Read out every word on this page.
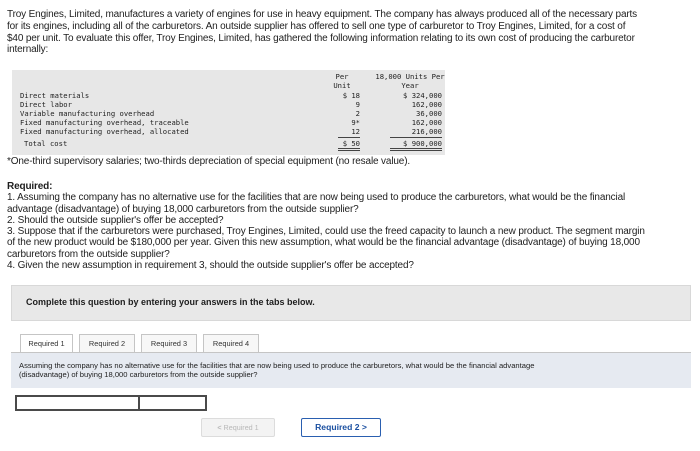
Troy Engines, Limited, manufactures a variety of engines for use in heavy equipment. The company has always produced all of the necessary parts for its engines, including all of the carburetors. An outside supplier has offered to sell one type of carburetor to Troy Engines, Limited, for a cost of $40 per unit. To evaluate this offer, Troy Engines, Limited, has gathered the following information relating to its own cost of producing the carburetor internally:
Per
Unit
18,000 Units Per
Year
Direct materials	$ 18	$ 324,000
Direct labor	9	162,000
Variable manufacturing overhead	2	36,000
Fixed manufacturing overhead, traceable	9*	162,000
Fixed manufacturing overhead, allocated	12	216,000
Total cost	$ 50	$ 900,000
*One-third supervisory salaries; two-thirds depreciation of special equipment (no resale value).
Required:
1. Assuming the company has no alternative use for the facilities that are now being used to produce the carburetors, what would be the financial advantage (disadvantage) of buying 18,000 carburetors from the outside supplier?
2. Should the outside supplier's offer be accepted?
3. Suppose that if the carburetors were purchased, Troy Engines, Limited, could use the freed capacity to launch a new product. The segment margin of the new product would be $180,000 per year. Given this new assumption, what would be the financial advantage (disadvantage) of buying 18,000 carburetors from the outside supplier?
4. Given the new assumption in requirement 3, should the outside supplier's offer be accepted?
Complete this question by entering your answers in the tabs below.
Required 1	Required 2	Required 3	Required 4
Assuming the company has no alternative use for the facilities that are now being used to produce the carburetors, what would be the financial advantage (disadvantage) of buying 18,000 carburetors from the outside supplier?
< Required 1	Required 2 >
